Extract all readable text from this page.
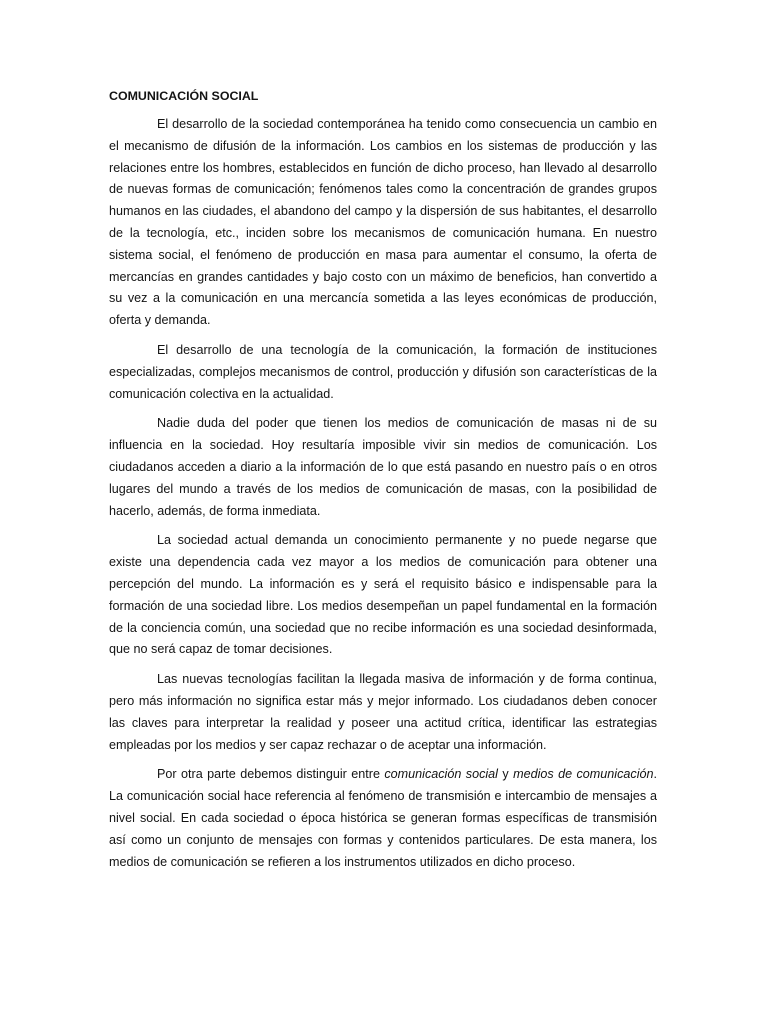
COMUNICACIÓN SOCIAL

El desarrollo de la sociedad contemporánea ha tenido como consecuencia un cambio en el mecanismo de difusión de la información. Los cambios en los sistemas de producción y las relaciones entre los hombres, establecidos en función de dicho proceso, han llevado al desarrollo de nuevas formas de comunicación; fenómenos tales como la concentración de grandes grupos humanos en las ciudades, el abandono del campo y la dispersión de sus habitantes, el desarrollo de la tecnología, etc., inciden sobre los mecanismos de comunicación humana. En nuestro sistema social, el fenómeno de producción en masa para aumentar el consumo, la oferta de mercancías en grandes cantidades y bajo costo con un máximo de beneficios, han convertido a su vez a la comunicación en una mercancía sometida a las leyes económicas de producción, oferta y demanda.

El desarrollo de una tecnología de la comunicación, la formación de instituciones especializadas, complejos mecanismos de control, producción y difusión son características de la comunicación colectiva en la actualidad.

Nadie duda del poder que tienen los medios de comunicación de masas ni de su influencia en la sociedad. Hoy resultaría imposible vivir sin medios de comunicación. Los ciudadanos acceden a diario a la información de lo que está pasando en nuestro país o en otros lugares del mundo a través de los medios de comunicación de masas, con la posibilidad de hacerlo, además, de forma inmediata.

La sociedad actual demanda un conocimiento permanente y no puede negarse que existe una dependencia cada vez mayor a los medios de comunicación para obtener una percepción del mundo. La información es y será el requisito básico e indispensable para la formación de una sociedad libre. Los medios desempeñan un papel fundamental en la formación de la conciencia común, una sociedad que no recibe información es una sociedad desinformada, que no será capaz de tomar decisiones.

Las nuevas tecnologías facilitan la llegada masiva de información y de forma continua, pero más información no significa estar más y mejor informado. Los ciudadanos deben conocer las claves para interpretar la realidad y poseer una actitud crítica, identificar las estrategias empleadas por los medios y ser capaz rechazar o de aceptar una información.

Por otra parte debemos distinguir entre comunicación social y medios de comunicación. La comunicación social hace referencia al fenómeno de transmisión e intercambio de mensajes a nivel social. En cada sociedad o época histórica se generan formas específicas de transmisión así como un conjunto de mensajes con formas y contenidos particulares. De esta manera, los medios de comunicación se refieren a los instrumentos utilizados en dicho proceso.
